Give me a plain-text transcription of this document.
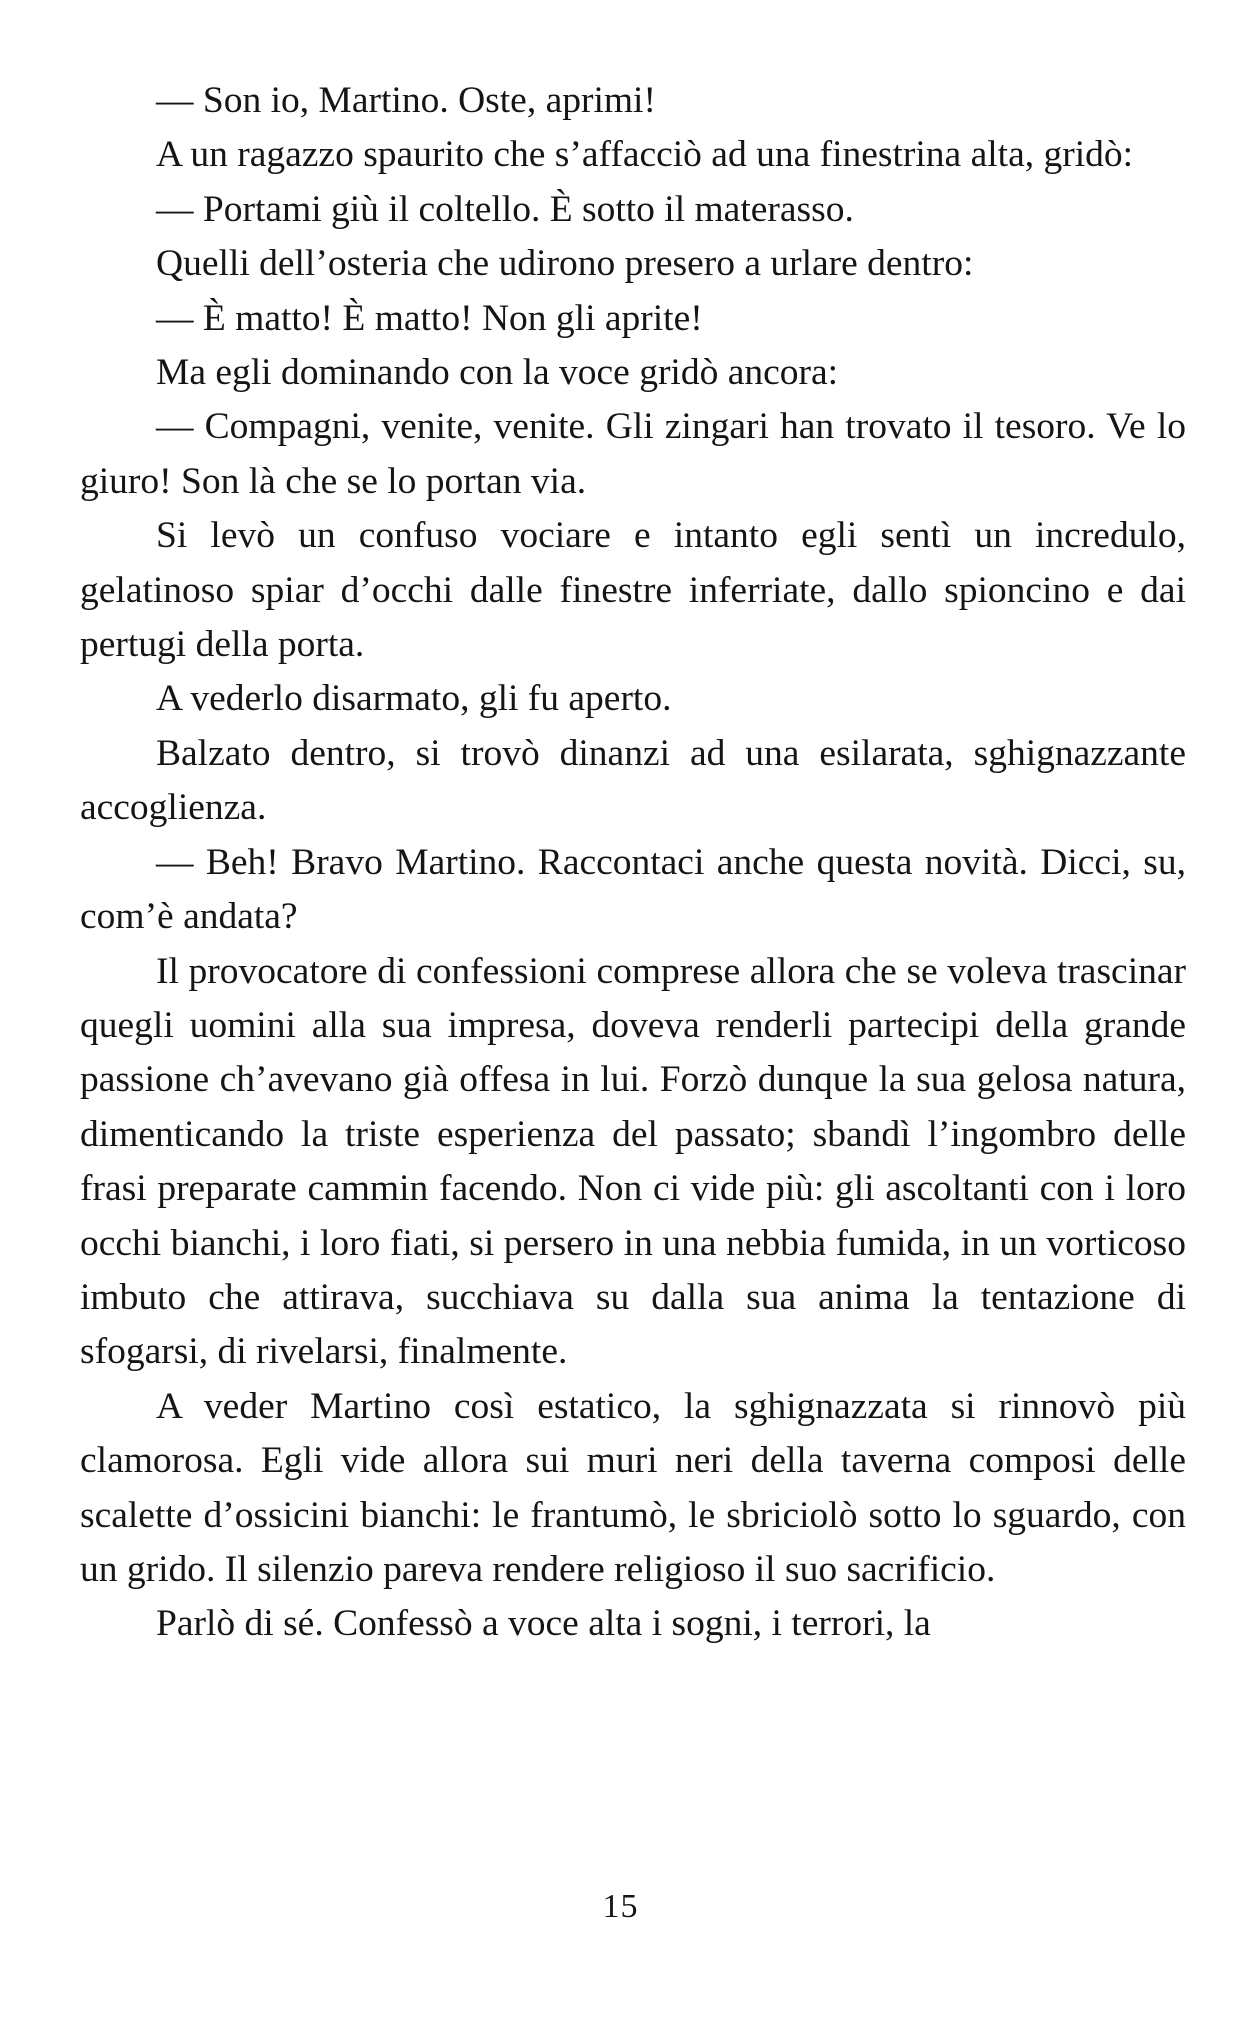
— Son io, Martino. Oste, aprimi!

A un ragazzo spaurito che s’affacciò ad una finestrina alta, gridò:

— Portami giù il coltello. È sotto il materasso.

Quelli dell’osteria che udirono presero a urlare dentro:

— È matto! È matto! Non gli aprite!

Ma egli dominando con la voce gridò ancora:

— Compagni, venite, venite. Gli zingari han trovato il tesoro. Ve lo giuro! Son là che se lo portan via.

Si levò un confuso vociare e intanto egli sentì un incredulo, gelatinoso spiar d’occhi dalle finestre inferriate, dallo spioncino e dai pertugi della porta.

A vederlo disarmato, gli fu aperto.

Balzato dentro, si trovò dinanzi ad una esilarata, sghignazzante accoglienza.

— Beh! Bravo Martino. Raccontaci anche questa novità. Dicci, su, com’è andata?

Il provocatore di confessioni comprese allora che se voleva trascinar quegli uomini alla sua impresa, doveva renderli partecipi della grande passione ch’avevano già offesa in lui. Forzò dunque la sua gelosa natura, dimenticando la triste esperienza del passato; sbandì l’ingombro delle frasi preparate cammin facendo. Non ci vide più: gli ascoltanti con i loro occhi bianchi, i loro fiati, si persero in una nebbia fumida, in un vorticoso imbuto che attirava, succhiava su dalla sua anima la tentazione di sfogarsi, di rivelarsi, finalmente.

A veder Martino così estatico, la sghignazzata si rinnovò più clamorosa. Egli vide allora sui muri neri della taverna composi delle scalette d’ossicini bianchi: le frantumò, le sbriciolò sotto lo sguardo, con un grido. Il silenzio pareva rendere religioso il suo sacrificio.

Parlò di sé. Confessò a voce alta i sogni, i terrori, la

15
